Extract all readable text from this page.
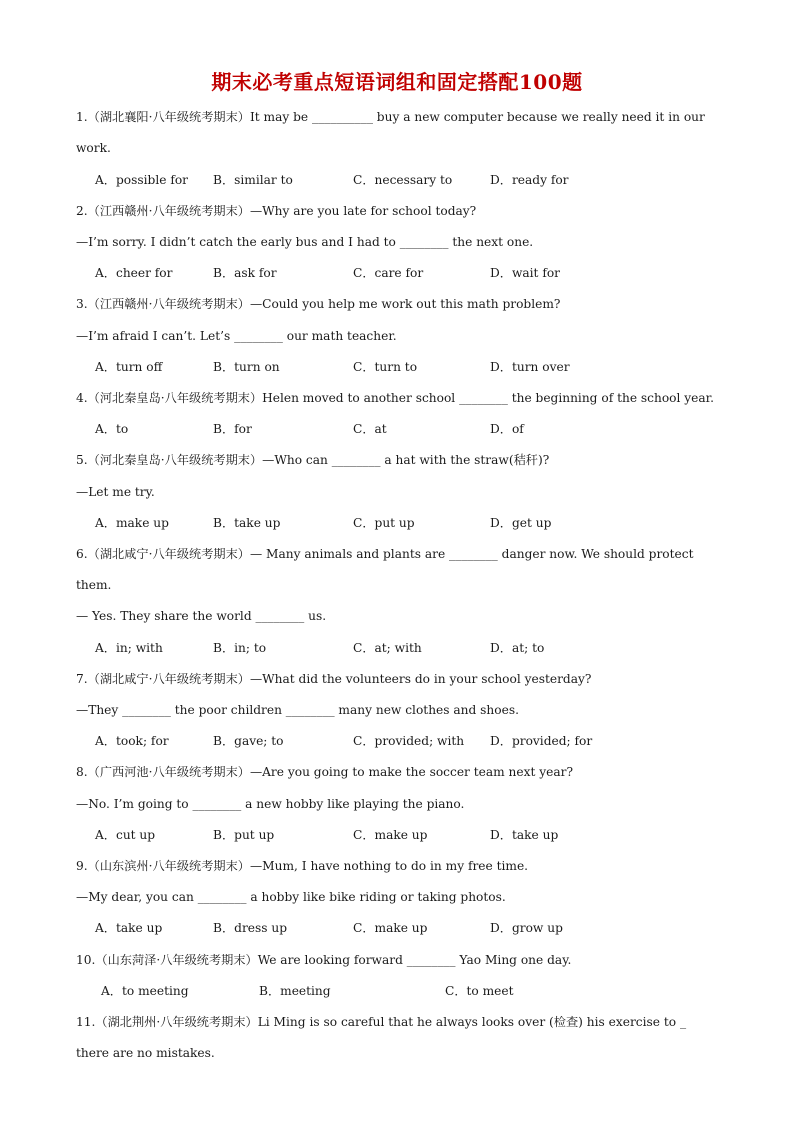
期末必考重点短语词组和固定搭配100题
1.（湖北襄阳·八年级统考期末）It may be __________ buy a new computer because we really need it in our
work.
A．possible for B．similar to	C．necessary to	D．ready for
2.（江西赣州·八年级统考期末）—Why are you late for school today?
—I’m sorry. I didn’t catch the early bus and I had to ________ the next one.
A．cheer for	B．ask for	C．care for	D．wait for
3.（江西赣州·八年级统考期末）—Could you help me work out this math problem?
—I’m afraid I can’t. Let’s ________ our math teacher.
A．turn off	B．turn on	C．turn to	D．turn over
4.（河北秦皇岛·八年级统考期末）Helen moved to another school ________ the beginning of the school year.
A．to	B．for	C．at	D．of
5.（河北秦皇岛·八年级统考期末）—Who can ________ a hat with the straw(秸秆)?
—Let me try.
A．make up	B．take up	C．put up	D．get up
6.（湖北咸宁·八年级统考期末）— Many animals and plants are ________ danger now. We should protect
them.
— Yes. They share the world ________ us.
A．in; with	B．in; to	C．at; with	D．at; to
7.（湖北咸宁·八年级统考期末）—What did the volunteers do in your school yesterday?
—They ________ the poor children ________ many new clothes and shoes.
A．took; for	B．gave; to	C．provided; with D．provided; for
8.（广西河池·八年级统考期末）—Are you going to make the soccer team next year?
—No. I’m going to ________ a new hobby like playing the piano.
A．cut up	B．put up	C．make up	D．take up
9.（山东滨州·八年级统考期末）—Mum, I have nothing to do in my free time.
—My dear, you can ________ a hobby like bike riding or taking photos.
A．take up	B．dress up	C．make up	D．grow up
10.（山东菏泽·八年级统考期末）We are looking forward ________ Yao Ming one day.
A．to meeting	B．meeting	C．to meet
11.（湖北荆州·八年级统考期末）Li Ming is so careful that he always looks over (检查) his exercise to _
there are no mistakes.
